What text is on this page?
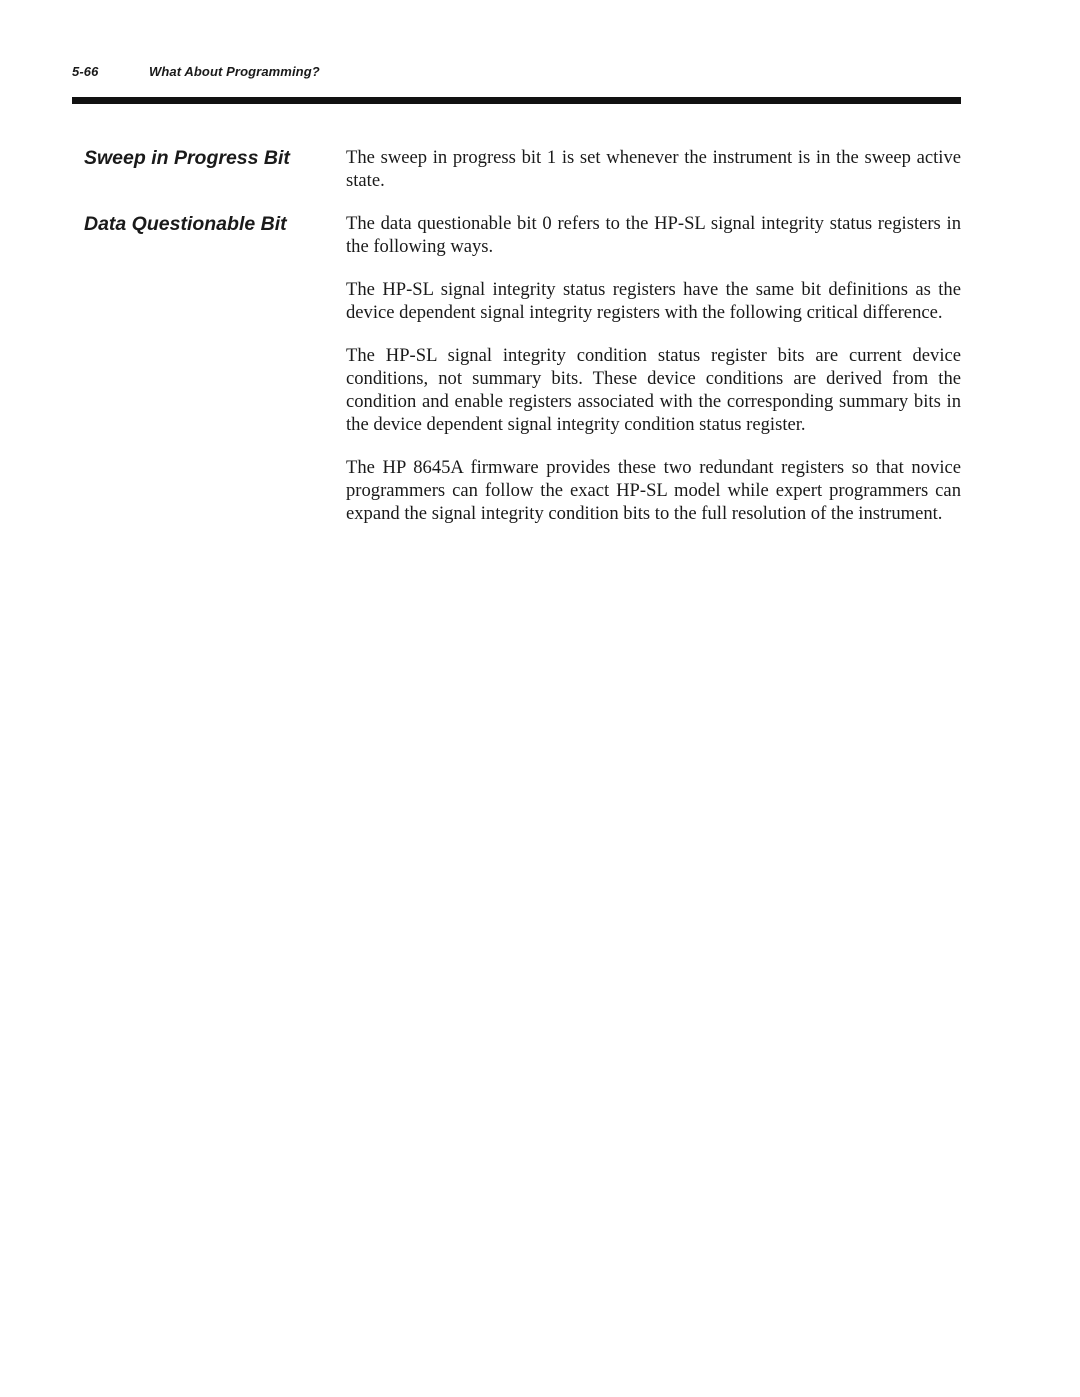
5-66	What About Programming?
Sweep in Progress Bit	The sweep in progress bit 1 is set whenever the instrument is in the sweep active state.

Data Questionable Bit	The data questionable bit 0 refers to the HP-SL signal integrity status registers in the following ways.

The HP-SL signal integrity status registers have the same bit definitions as the device dependent signal integrity registers with the following critical difference.

The HP-SL signal integrity condition status register bits are current device conditions, not summary bits. These device conditions are derived from the condition and enable registers associated with the corresponding summary bits in the device dependent signal integrity condition status register.

The HP 8645A firmware provides these two redundant registers so that novice programmers can follow the exact HP-SL model while expert programmers can expand the signal integrity condition bits to the full resolution of the instrument.
